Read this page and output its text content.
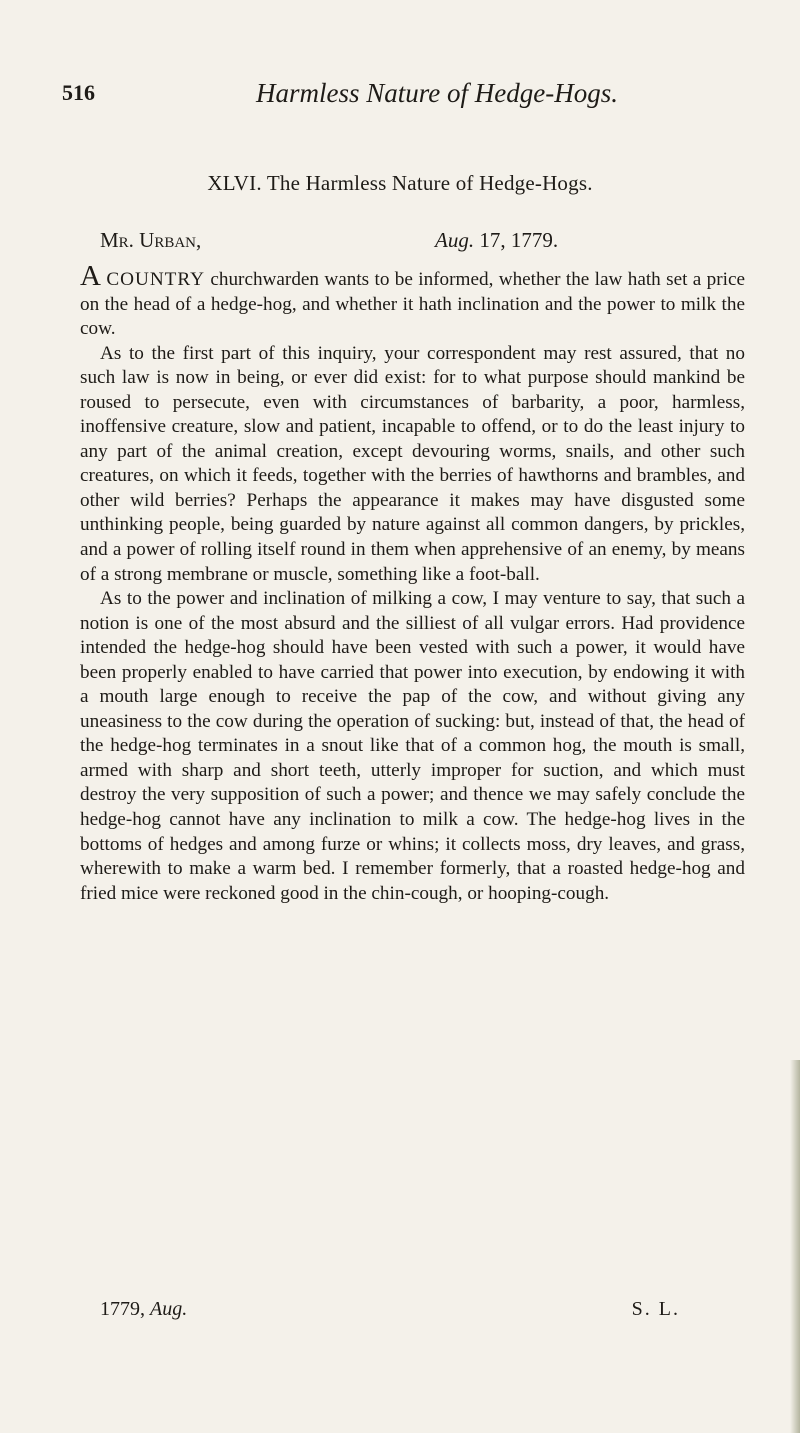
516	Harmless Nature of Hedge-Hogs.
XLVI. The Harmless Nature of Hedge-Hogs.
Mr. Urban,	Aug. 17, 1779.

A COUNTRY churchwarden wants to be informed, whether the law hath set a price on the head of a hedge-hog, and whether it hath inclination and the power to milk the cow.

As to the first part of this inquiry, your correspondent may rest assured, that no such law is now in being, or ever did exist: for to what purpose should mankind be roused to persecute, even with circumstances of barbarity, a poor, harmless, inoffensive creature, slow and patient, incapable to offend, or to do the least injury to any part of the animal creation, except devouring worms, snails, and other such creatures, on which it feeds, together with the berries of hawthorns and brambles, and other wild berries? Perhaps the appearance it makes may have disgusted some unthinking people, being guarded by nature against all common dangers, by prickles, and a power of rolling itself round in them when apprehensive of an enemy, by means of a strong membrane or muscle, something like a foot-ball.

As to the power and inclination of milking a cow, I may venture to say, that such a notion is one of the most absurd and the silliest of all vulgar errors. Had providence intended the hedge-hog should have been vested with such a power, it would have been properly enabled to have carried that power into execution, by endowing it with a mouth large enough to receive the pap of the cow, and without giving any uneasiness to the cow during the operation of sucking: but, instead of that, the head of the hedge-hog terminates in a snout like that of a common hog, the mouth is small, armed with sharp and short teeth, utterly improper for suction, and which must destroy the very supposition of such a power; and thence we may safely conclude the hedge-hog cannot have any inclination to milk a cow. The hedge-hog lives in the bottoms of hedges and among furze or whins; it collects moss, dry leaves, and grass, wherewith to make a warm bed. I remember formerly, that a roasted hedge-hog and fried mice were reckoned good in the chin-cough, or hooping-cough.

1779, Aug.	S. L.
